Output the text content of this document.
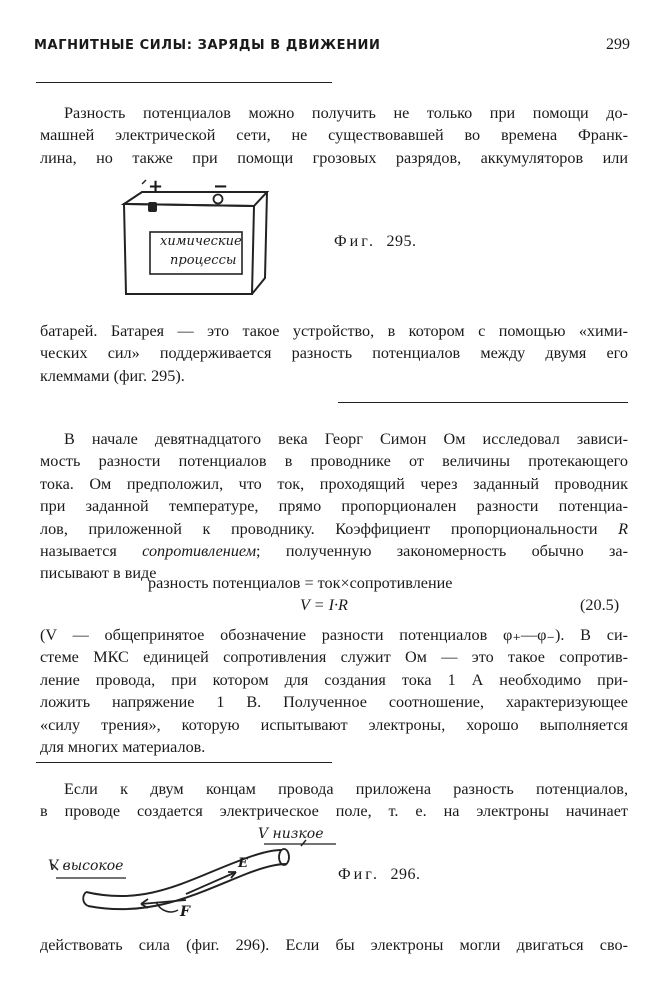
МАГНИТНЫЕ СИЛЫ: ЗАРЯДЫ В ДВИЖЕНИИ	299
Разность потенциалов можно получить не только при помощи до-
машней электрической сети, не существовавшей во времена Франк-
лина, но также при помощи грозовых разрядов, аккумуляторов или
+	−
химические
процессы
Фиг. 295.
батарей. Батарея — это такое устройство, в котором с помощью «хими-
ческих сил» поддерживается разность потенциалов между двумя его
клеммами (фиг. 295).
В начале девятнадцатого века Георг Симон Ом исследовал зависи-
мость разности потенциалов в проводнике от величины протекающего
тока. Ом предположил, что ток, проходящий через заданный проводник
при заданной температуре, прямо пропорционален разности потенциа-
лов, приложенной к проводнику. Коэффициент пропорциональности R
называется сопротивлением; полученную закономерность обычно за-
писывают в виде
разность потенциалов = ток×сопротивление
V = I·R	(20.5)
(V — общепринятое обозначение разности потенциалов φ₊—φ₋). В си-
стеме МКС единицей сопротивления служит Ом — это такое сопротив-
ление провода, при котором для создания тока 1 А необходимо при-
ложить напряжение 1 В. Полученное соотношение, характеризующее
«силу трения», которую испытывают электроны, хорошо выполняется
для многих материалов.
Если к двум концам провода приложена разность потенциалов,
в проводе создается электрическое поле, т. е. на электроны начинает
V высокое
V низкое
E
F
Фиг. 296.
действовать сила (фиг. 296). Если бы электроны могли двигаться сво-
